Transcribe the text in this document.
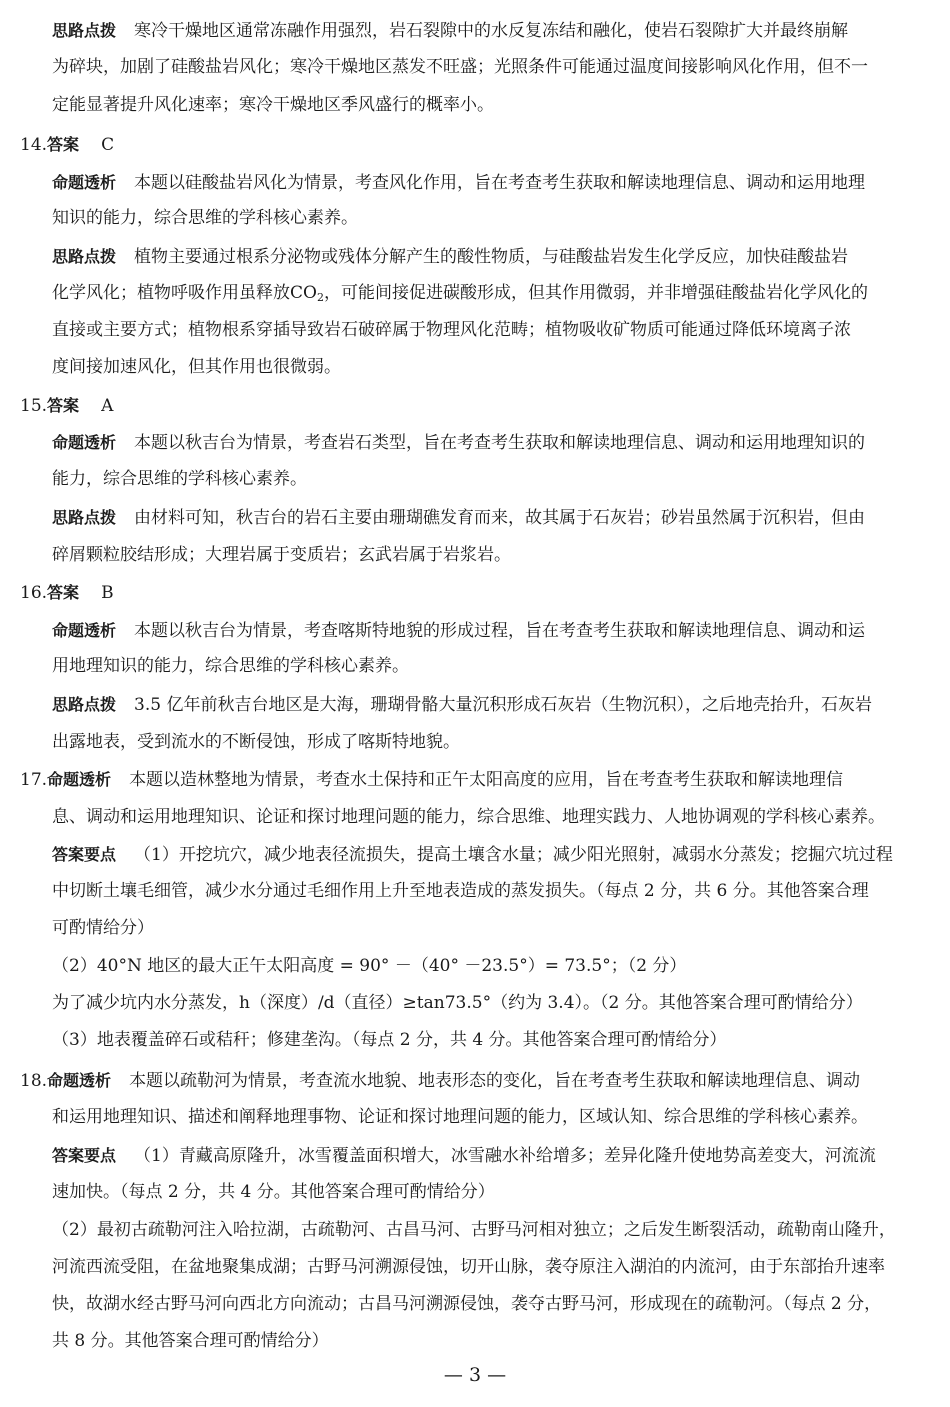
思路点拨 寒冷干燥地区通常冻融作用强烈，岩石裂隙中的水反复冻结和融化，使岩石裂隙扩大并最终崩解
为碎块，加剧了硅酸盐岩风化；寒冷干燥地区蒸发不旺盛；光照条件可能通过温度间接影响风化作用，但不一
定能显著提升风化速率；寒冷干燥地区季风盛行的概率小。
14.答案 C
命题透析 本题以硅酸盐岩风化为情景，考查风化作用，旨在考查考生获取和解读地理信息、调动和运用地理
知识的能力，综合思维的学科核心素养。
思路点拨 植物主要通过根系分泌物或残体分解产生的酸性物质，与硅酸盐岩发生化学反应，加快硅酸盐岩
化学风化；植物呼吸作用虽释放$CO_2$，可能间接促进碳酸形成，但其作用微弱，并非增强硅酸盐岩化学风化的
直接或主要方式；植物根系穿插导致岩石破碎属于物理风化范畴；植物吸收矿物质可能通过降低环境离子浓
度间接加速风化，但其作用也很微弱。
15.答案 A
命题透析 本题以秋吉台为情景，考查岩石类型，旨在考查考生获取和解读地理信息、调动和运用地理知识的
能力，综合思维的学科核心素养。
思路点拨 由材料可知，秋吉台的岩石主要由珊瑚礁发育而来，故其属于石灰岩；砂岩虽然属于沉积岩，但由
碎屑颗粒胶结形成；大理岩属于变质岩；玄武岩属于岩浆岩。
16.答案 B
命题透析 本题以秋吉台为情景，考查喀斯特地貌的形成过程，旨在考查考生获取和解读地理信息、调动和运
用地理知识的能力，综合思维的学科核心素养。
思路点拨 3.5 亿年前秋吉台地区是大海，珊瑚骨骼大量沉积形成石灰岩（生物沉积），之后地壳抬升，石灰岩
出露地表，受到流水的不断侵蚀，形成了喀斯特地貌。
17.命题透析 本题以造林整地为情景，考查水土保持和正午太阳高度的应用，旨在考查考生获取和解读地理信
息、调动和运用地理知识、论证和探讨地理问题的能力，综合思维、地理实践力、人地协调观的学科核心素养。
答案要点 （1）开挖坑穴，减少地表径流损失，提高土壤含水量；减少阳光照射，减弱水分蒸发；挖掘穴坑过程
中切断土壤毛细管，减少水分通过毛细作用上升至地表造成的蒸发损失。（每点 2 分，共 6 分。其他答案合理
可酌情给分）
（2）40°N 地区的最大正午太阳高度 = 90° －（40° －23.5°）= 73.5°；（2 分）
为了减少坑内水分蒸发，h（深度）/d（直径）≥tan73.5°（约为 3.4）。（2 分。其他答案合理可酌情给分）
（3）地表覆盖碎石或秸秆；修建垄沟。（每点 2 分，共 4 分。其他答案合理可酌情给分）
18.命题透析 本题以疏勒河为情景，考查流水地貌、地表形态的变化，旨在考查考生获取和解读地理信息、调动
和运用地理知识、描述和阐释地理事物、论证和探讨地理问题的能力，区域认知、综合思维的学科核心素养。
答案要点 （1）青藏高原隆升，冰雪覆盖面积增大，冰雪融水补给增多；差异化隆升使地势高差变大，河流流
速加快。（每点 2 分，共 4 分。其他答案合理可酌情给分）
（2）最初古疏勒河注入哈拉湖，古疏勒河、古昌马河、古野马河相对独立；之后发生断裂活动，疏勒南山隆升，
河流西流受阻，在盆地聚集成湖；古野马河溯源侵蚀，切开山脉，袭夺原注入湖泊的内流河，由于东部抬升速率
快，故湖水经古野马河向西北方向流动；古昌马河溯源侵蚀，袭夺古野马河，形成现在的疏勒河。（每点 2 分，
共 8 分。其他答案合理可酌情给分）
— 3 —
